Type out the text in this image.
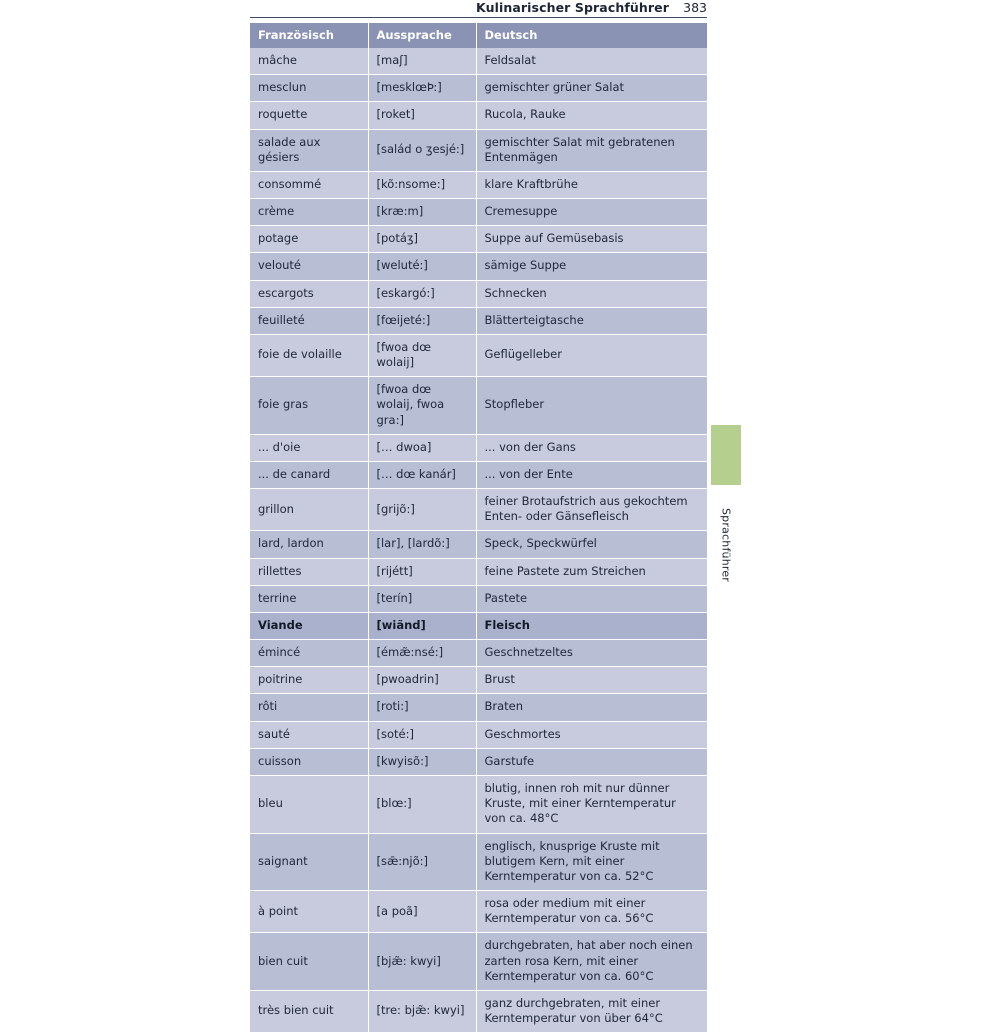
Kulinarischer Sprachführer 383
Französisch	Aussprache	Deutsch
mâche	[maʃ]	Feldsalat
mesclun	[mesklœÞ:]	gemischter grüner Salat
roquette	[roket]	Rucola, Rauke
salade aux gésiers	[salád o ʒesjé:]	gemischter Salat mit gebratenen Entenmägen
consommé	[kõ:nsome:]	klare Kraftbrühe
crème	[kræ:m]	Cremesuppe
potage	[potáʒ]	Suppe auf Gemüsebasis
velouté	[weluté:]	sämige Suppe
escargots	[eskargó:]	Schnecken
feuilleté	[fœijeté:]	Blätterteigtasche
foie de volaille	[fwoa dœ wolaij]	Geflügelleber
foie gras	[fwoa dœ wolaij, fwoa gra:]	Stopfleber
... d'oie	[… dwoa]	... von der Gans
... de canard	[… dœ kanár]	... von der Ente
grillon	[grijõ:]	feiner Brotaufstrich aus gekochtem Enten- oder Gänsefleisch
lard, lardon	[lar], [lardõ:]	Speck, Speckwürfel
rillettes	[rijétt]	feine Pastete zum Streichen
terrine	[terín]	Pastete
Viande	[wiãnd]	Fleisch
émincé	[émæ̃:nsé:]	Geschnetzeltes
poitrine	[pwoadrin]	Brust
rôti	[roti:]	Braten
sauté	[soté:]	Geschmortes
cuisson	[kwyisõ:]	Garstufe
bleu	[blœ:]	blutig, innen roh mit nur dünner Kruste, mit einer Kerntemperatur von ca. 48°C
saignant	[sǣ:njõ:]	englisch, knusprige Kruste mit blutigem Kern, mit einer Kerntemperatur von ca. 52°C
à point	[a poã]	rosa oder medium mit einer Kerntemperatur von ca. 56°C
bien cuit	[bjæ̃: kwyi]	durchgebraten, hat aber noch einen zarten rosa Kern, mit einer Kerntemperatur von ca. 60°C
très bien cuit	[tre: bjæ̃: kwyi]	ganz durchgebraten, mit einer Kerntemperatur von über 64°C
Sprachführer
